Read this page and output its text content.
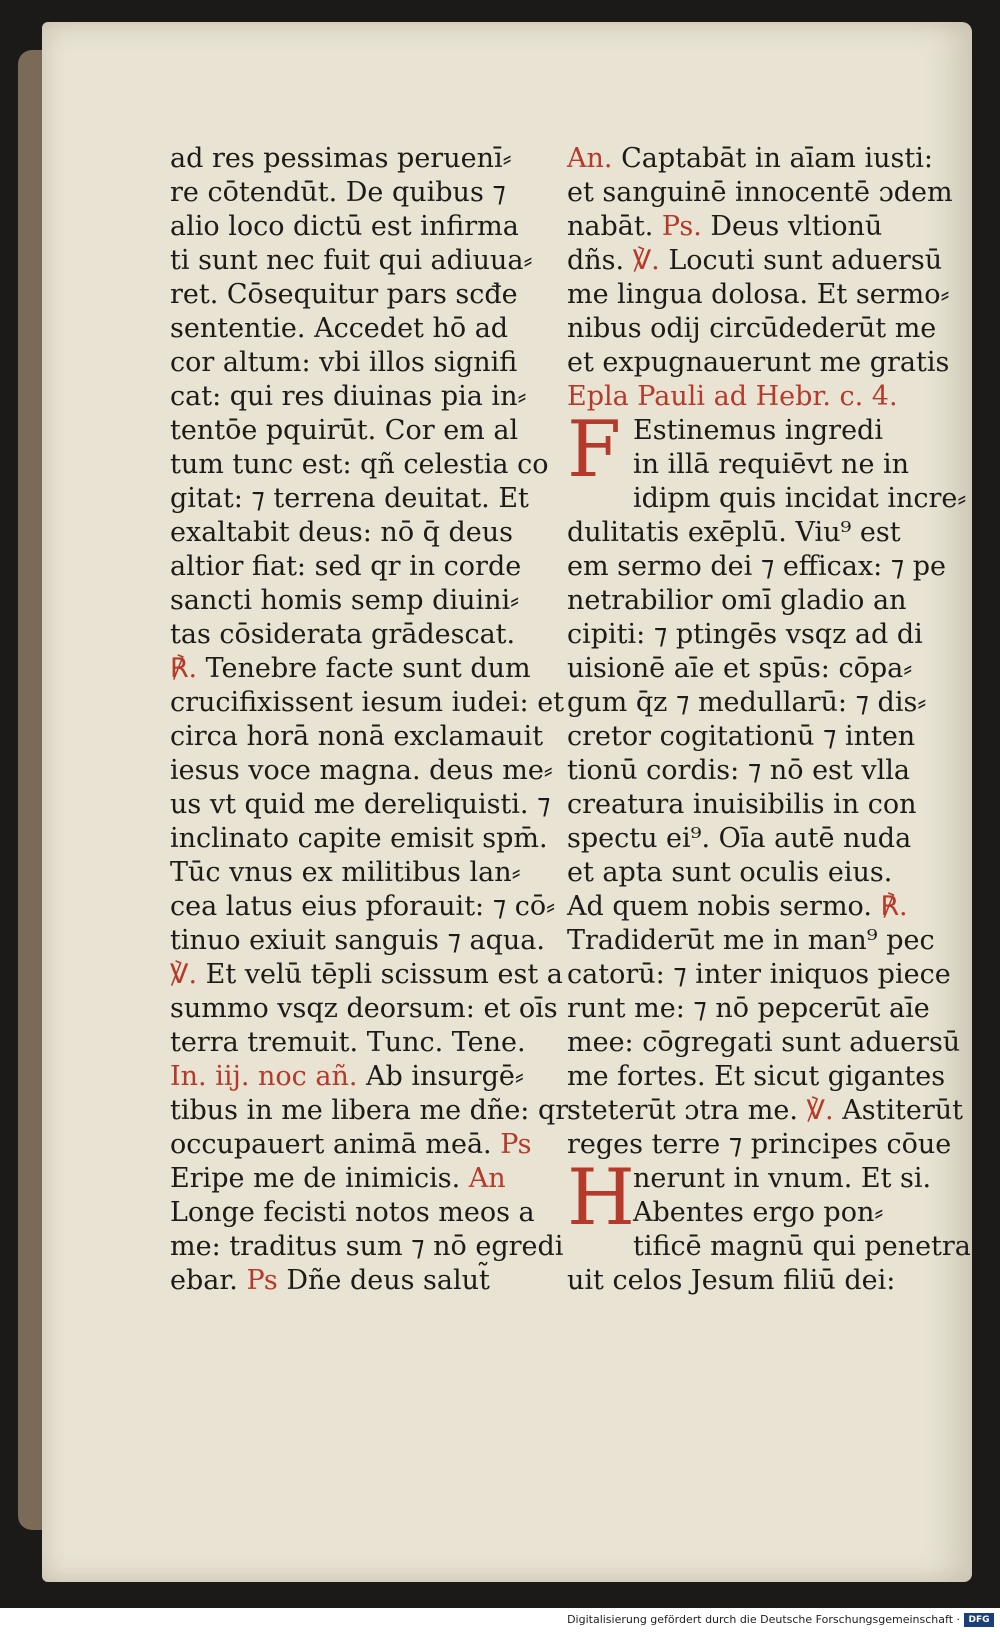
ad res pessimas peruenī⸗
re cōtendūt. De quibus ⁊
alio loco dictū est infirma
ti sunt nec fuit qui adiuua⸗
ret. Cōsequitur pars scđe
sententie. Accedet hō ad
cor altum: vbi illos signifi
cat: qui res diuinas pia in⸗
tentōe pquirūt. Cor em al
tum tunc est: qñ celestia co
gitat: ⁊ terrena deuitat. Et
exaltabit deus: nō q̄ deus
altior fiat: sed qr in corde
sancti homis semp diuini⸗
tas cōsiderata grādescat.
℟. Tenebre facte sunt dum
crucifixissent iesum iudei: et
circa horā nonā exclamauit
iesus voce magna. deus me⸗
us vt quid me dereliquisti. ⁊
inclinato capite emisit spm̄.
Tūc vnus ex militibus lan⸗
cea latus eius pforauit: ⁊ cō⸗
tinuo exiuit sanguis ⁊ aqua.
℣. Et velū tēpli scissum est a
summo vsqz deorsum: et oīs
terra tremuit. Tunc. Tene.
In. iij. noc añ. Ab insurgē⸗
tibus in me libera me dñe: qr
occupauert animā meā. Ps
Eripe me de inimicis. An
Longe fecisti notos meos a
me: traditus sum ⁊ nō egredi
ebar. Ps Dñe deus salut̃
An. Captabāt in aīam iusti:
et sanguinē innocentē ɔdem
nabāt. Ps. Deus vltionū
dñs. ℣. Locuti sunt aduersū
me lingua dolosa. Et sermo⸗
nibus odij circūdederūt me
et expugnauerunt me gratis
Epla Pauli ad Hebr. c. 4.
F Estinemus ingredi
in illā requiēvt ne in
idipm quis incidat incre⸗
dulitatis exēplū. Viu⁹ est
em sermo dei ⁊ efficax: ⁊ pe
netrabilior omī gladio an
cipiti: ⁊ ptingēs vsqz ad di
uisionē aīe et spūs: cōpa⸗
gum q̄z ⁊ medullarū: ⁊ dis⸗
cretor cogitationū ⁊ inten
tionū cordis: ⁊ nō est vlla
creatura inuisibilis in con
spectu ei⁹. Oīa autē nuda
et apta sunt oculis eius.
Ad quem nobis sermo. ℟.
Tradiderūt me in man⁹ pec
catorū: ⁊ inter iniquos piece
runt me: ⁊ nō pepcerūt aīe
mee: cōgregati sunt aduersū
me fortes. Et sicut gigantes
steterūt ɔtra me. ℣. Astiterūt
reges terre ⁊ principes cōue
H
nerunt in vnum. Et si.
Abentes ergo pon⸗
tificē magnū qui penetra⸗
uit celos Jesum filiū dei:
Digitalisierung gefördert durch die Deutsche Forschungsgemeinschaft · DFG
